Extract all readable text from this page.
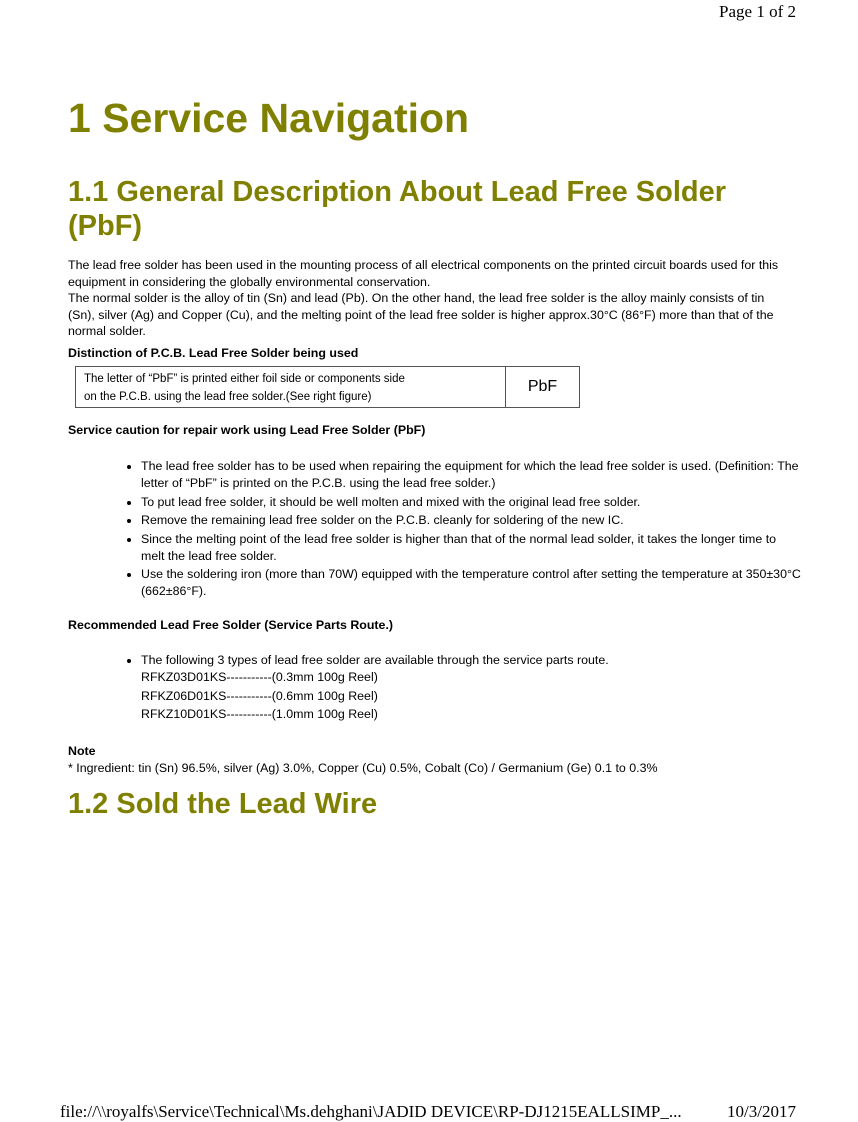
Page 1 of 2
1 Service Navigation
1.1 General Description About Lead Free Solder (PbF)

The lead free solder has been used in the mounting process of all electrical components on the printed circuit boards used for this equipment in considering the globally environmental conservation.

The normal solder is the alloy of tin (Sn) and lead (Pb). On the other hand, the lead free solder is the alloy mainly consists of tin (Sn), silver (Ag) and Copper (Cu), and the melting point of the lead free solder is higher approx.30°C (86°F) more than that of the normal solder.

Distinction of P.C.B. Lead Free Solder being used
The letter of “PbF” is printed either foil side or components side
on the P.C.B. using the lead free solder.(See right figure)
PbF
Service caution for repair work using Lead Free Solder (PbF)
• The lead free solder has to be used when repairing the equipment for which the lead free solder is used. (Definition: The letter of “PbF” is printed on the P.C.B. using the lead free solder.)
• To put lead free solder, it should be well molten and mixed with the original lead free solder.
• Remove the remaining lead free solder on the P.C.B. cleanly for soldering of the new IC.
• Since the melting point of the lead free solder is higher than that of the normal lead solder, it takes the longer time to melt the lead free solder.
• Use the soldering iron (more than 70W) equipped with the temperature control after setting the temperature at 350±30°C (662±86°F).
Recommended Lead Free Solder (Service Parts Route.)
• The following 3 types of lead free solder are available through the service parts route.
RFKZ03D01KS-----------(0.3mm 100g Reel)
RFKZ06D01KS-----------(0.6mm 100g Reel)
RFKZ10D01KS-----------(1.0mm 100g Reel)
Note
* Ingredient: tin (Sn) 96.5%, silver (Ag) 3.0%, Copper (Cu) 0.5%, Cobalt (Co) / Germanium (Ge) 0.1 to 0.3%
1.2 Sold the Lead Wire
file://\\royalfs\Service\Technical\Ms.dehghani\JADID DEVICE\RP-DJ1215EALLSIMP_...	10/3/2017
